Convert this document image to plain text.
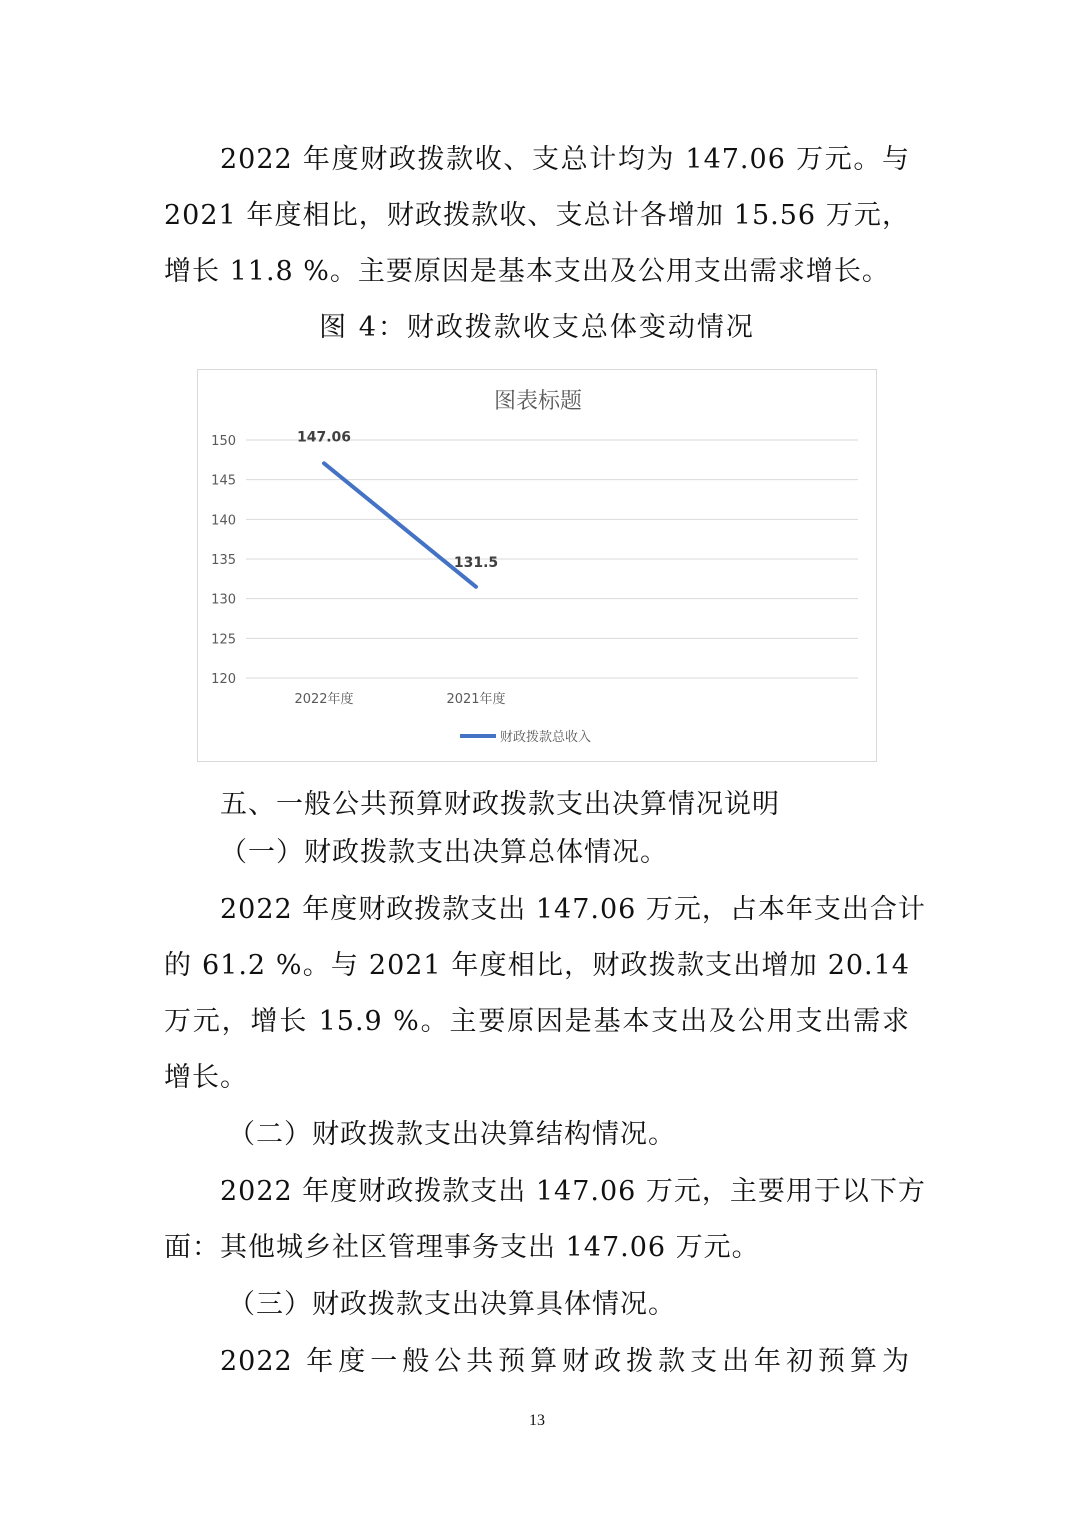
2022 年度财政拨款收、支总计均为 147.06 万元。与
2021 年度相比，财政拨款收、支总计各增加 15.56 万元，
增长 11.8 %。主要原因是基本支出及公用支出需求增长。
图 4：财政拨款收支总体变动情况
图表标题
150
145
140
135
130
125
120
2022年度	2021年度
147.06
131.5
财政拨款总收入
五、一般公共预算财政拨款支出决算情况说明
（一）财政拨款支出决算总体情况。
2022 年度财政拨款支出 147.06 万元，占本年支出合计
的 61.2 %。与 2021 年度相比，财政拨款支出增加 20.14
万元，增长 15.9 %。主要原因是基本支出及公用支出需求
增长。
（二）财政拨款支出决算结构情况。
2022 年度财政拨款支出 147.06 万元，主要用于以下方
面：其他城乡社区管理事务支出 147.06 万元。
（三）财政拨款支出决算具体情况。
2022 年度一般公共预算财政拨款支出年初预算为
13
